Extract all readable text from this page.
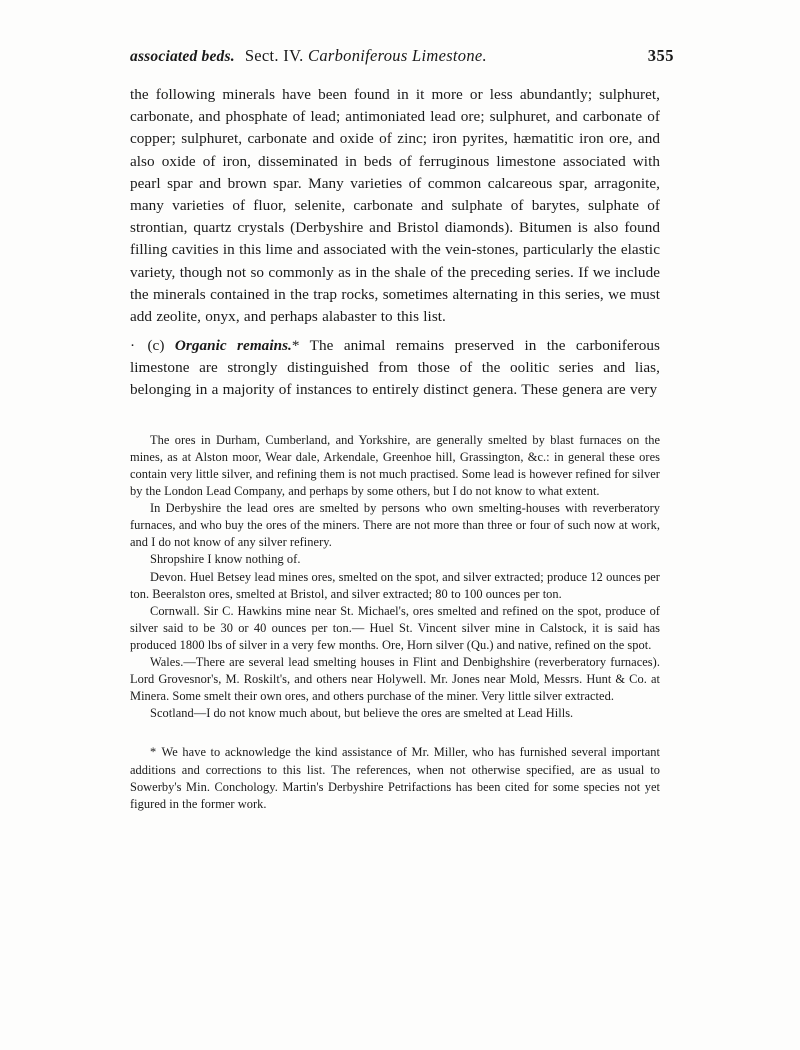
associated beds. Sect. IV. Carboniferous Limestone.	355

the following minerals have been found in it more or less abundantly; sulphuret, carbonate, and phosphate of lead; antimoniated lead ore; sulphuret, and carbonate of copper; sulphuret, carbonate and oxide of zinc; iron pyrites, hæmatitic iron ore, and also oxide of iron, disseminated in beds of ferruginous limestone associated with pearl spar and brown spar. Many varieties of common calcareous spar, arragonite, many varieties of fluor, selenite, carbonate and sulphate of barytes, sulphate of strontian, quartz crystals (Derbyshire and Bristol diamonds). Bitumen is also found filling cavities in this lime and associated with the vein-stones, particularly the elastic variety, though not so commonly as in the shale of the preceding series. If we include the minerals contained in the trap rocks, sometimes alternating in this series, we must add zeolite, onyx, and perhaps alabaster to this list.

· (c) Organic remains.* The animal remains preserved in the carboniferous limestone are strongly distinguished from those of the oolitic series and lias, belonging in a majority of instances to entirely distinct genera. These genera are very

The ores in Durham, Cumberland, and Yorkshire, are generally smelted by blast furnaces on the mines, as at Alston moor, Wear dale, Arkendale, Greenhoe hill, Grassington, &c.: in general these ores contain very little silver, and refining them is not much practised. Some lead is however refined for silver by the London Lead Company, and perhaps by some others, but I do not know to what extent.

In Derbyshire the lead ores are smelted by persons who own smelting-houses with reverberatory furnaces, and who buy the ores of the miners. There are not more than three or four of such now at work, and I do not know of any silver refinery.

Shropshire I know nothing of.

Devon. Huel Betsey lead mines ores, smelted on the spot, and silver extracted; produce 12 ounces per ton. Beeralston ores, smelted at Bristol, and silver extracted; 80 to 100 ounces per ton.

Cornwall. Sir C. Hawkins mine near St. Michael's, ores smelted and refined on the spot, produce of silver said to be 30 or 40 ounces per ton.— Huel St. Vincent silver mine in Calstock, it is said has produced 1800 lbs of silver in a very few months. Ore, Horn silver (Qu.) and native, refined on the spot.

Wales.—There are several lead smelting houses in Flint and Denbighshire (reverberatory furnaces). Lord Grovesnor's, M. Roskilt's, and others near Holywell. Mr. Jones near Mold, Messrs. Hunt & Co. at Minera. Some smelt their own ores, and others purchase of the miner. Very little silver extracted.

Scotland—I do not know much about, but believe the ores are smelted at Lead Hills.

* We have to acknowledge the kind assistance of Mr. Miller, who has furnished several important additions and corrections to this list. The references, when not otherwise specified, are as usual to Sowerby's Min. Conchology. Martin's Derbyshire Petrifactions has been cited for some species not yet figured in the former work.
